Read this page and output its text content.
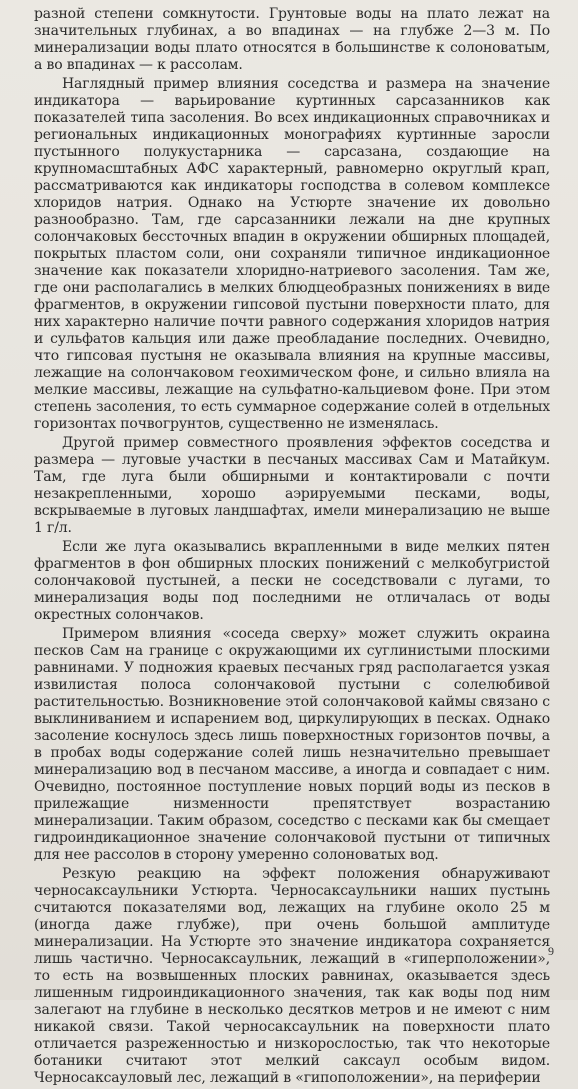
разной степени сомкнутости. Грунтовые воды на плато лежат на значительных глубинах, а во впадинах — на глубже 2—3 м. По минерализации воды плато относятся в большинстве к солоноватым, а во впадинах — к рассолам.

Наглядный пример влияния соседства и размера на значение индикатора — варьирование куртинных сарсазанников как показателей типа засоления. Во всех индикационных справочниках и региональных индикационных монографиях куртинные заросли пустынного полукустарника — сарсазана, создающие на крупномасштабных АФС характерный, равномерно округлый крап, рассматриваются как индикаторы господства в солевом комплексе хлоридов натрия. Однако на Устюрте значение их довольно разнообразно. Там, где сарсазанники лежали на дне крупных солончаковых бессточных впадин в окружении обширных площадей, покрытых пластом соли, они сохраняли типичное индикационное значение как показатели хлоридно-натриевого засоления. Там же, где они располагались в мелких блюдцеобразных понижениях в виде фрагментов, в окружении гипсовой пустыни поверхности плато, для них характерно наличие почти равного содержания хлоридов натрия и сульфатов кальция или даже преобладание последних. Очевидно, что гипсовая пустыня не оказывала влияния на крупные массивы, лежащие на солончаковом геохимическом фоне, и сильно влияла на мелкие массивы, лежащие на сульфатно-кальциевом фоне. При этом степень засоления, то есть суммарное содержание солей в отдельных горизонтах почвогрунтов, существенно не изменялась.

Другой пример совместного проявления эффектов соседства и размера — луговые участки в песчаных массивах Сам и Матайкум. Там, где луга были обширными и контактировали с почти незакрепленными, хорошо аэрируемыми песками, воды, вскрываемые в луговых ландшафтах, имели минерализацию не выше 1 г/л.

Если же луга оказывались вкрапленными в виде мелких пятен фрагментов в фон обширных плоских понижений с мелкобугристой солончаковой пустыней, а пески не соседствовали с лугами, то минерализация воды под последними не отличалась от воды окрестных солончаков.

Примером влияния «соседа сверху» может служить окраина песков Сам на границе с окружающими их суглинистыми плоскими равнинами. У подножия краевых песчаных гряд располагается узкая извилистая полоса солончаковой пустыни с солелюбивой растительностью. Возникновение этой солончаковой каймы связано с выклиниванием и испарением вод, циркулирующих в песках. Однако засоление коснулось здесь лишь поверхностных горизонтов почвы, а в пробах воды содержание солей лишь незначительно превышает минерализацию вод в песчаном массиве, а иногда и совпадает с ним. Очевидно, постоянное поступление новых порций воды из песков в прилежащие низменности препятствует возрастанию минерализации. Таким образом, соседство с песками как бы смещает гидроиндикационное значение солончаковой пустыни от типичных для нее рассолов в сторону умеренно солоноватых вод.

Резкую реакцию на эффект положения обнаруживают черносаксаульники Устюрта. Черносаксаульники наших пустынь считаются показателями вод, лежащих на глубине около 25 м (иногда даже глубже), при очень большой амплитуде минерализации. На Устюрте это значение индикатора сохраняется лишь частично. Черносаксаульник, лежащий в «гиперположении», то есть на возвышенных плоских равнинах, оказывается здесь лишенным гидроиндикационного значения, так как воды под ним залегают на глубине в несколько десятков метров и не имеют с ним никакой связи. Такой черносаксаульник на поверхности плато отличается разреженностью и низкорослостью, так что некоторые ботаники считают этот мелкий саксаул особым видом. Черносаксауловый лес, лежащий в «гипоположении», на периферии

9
